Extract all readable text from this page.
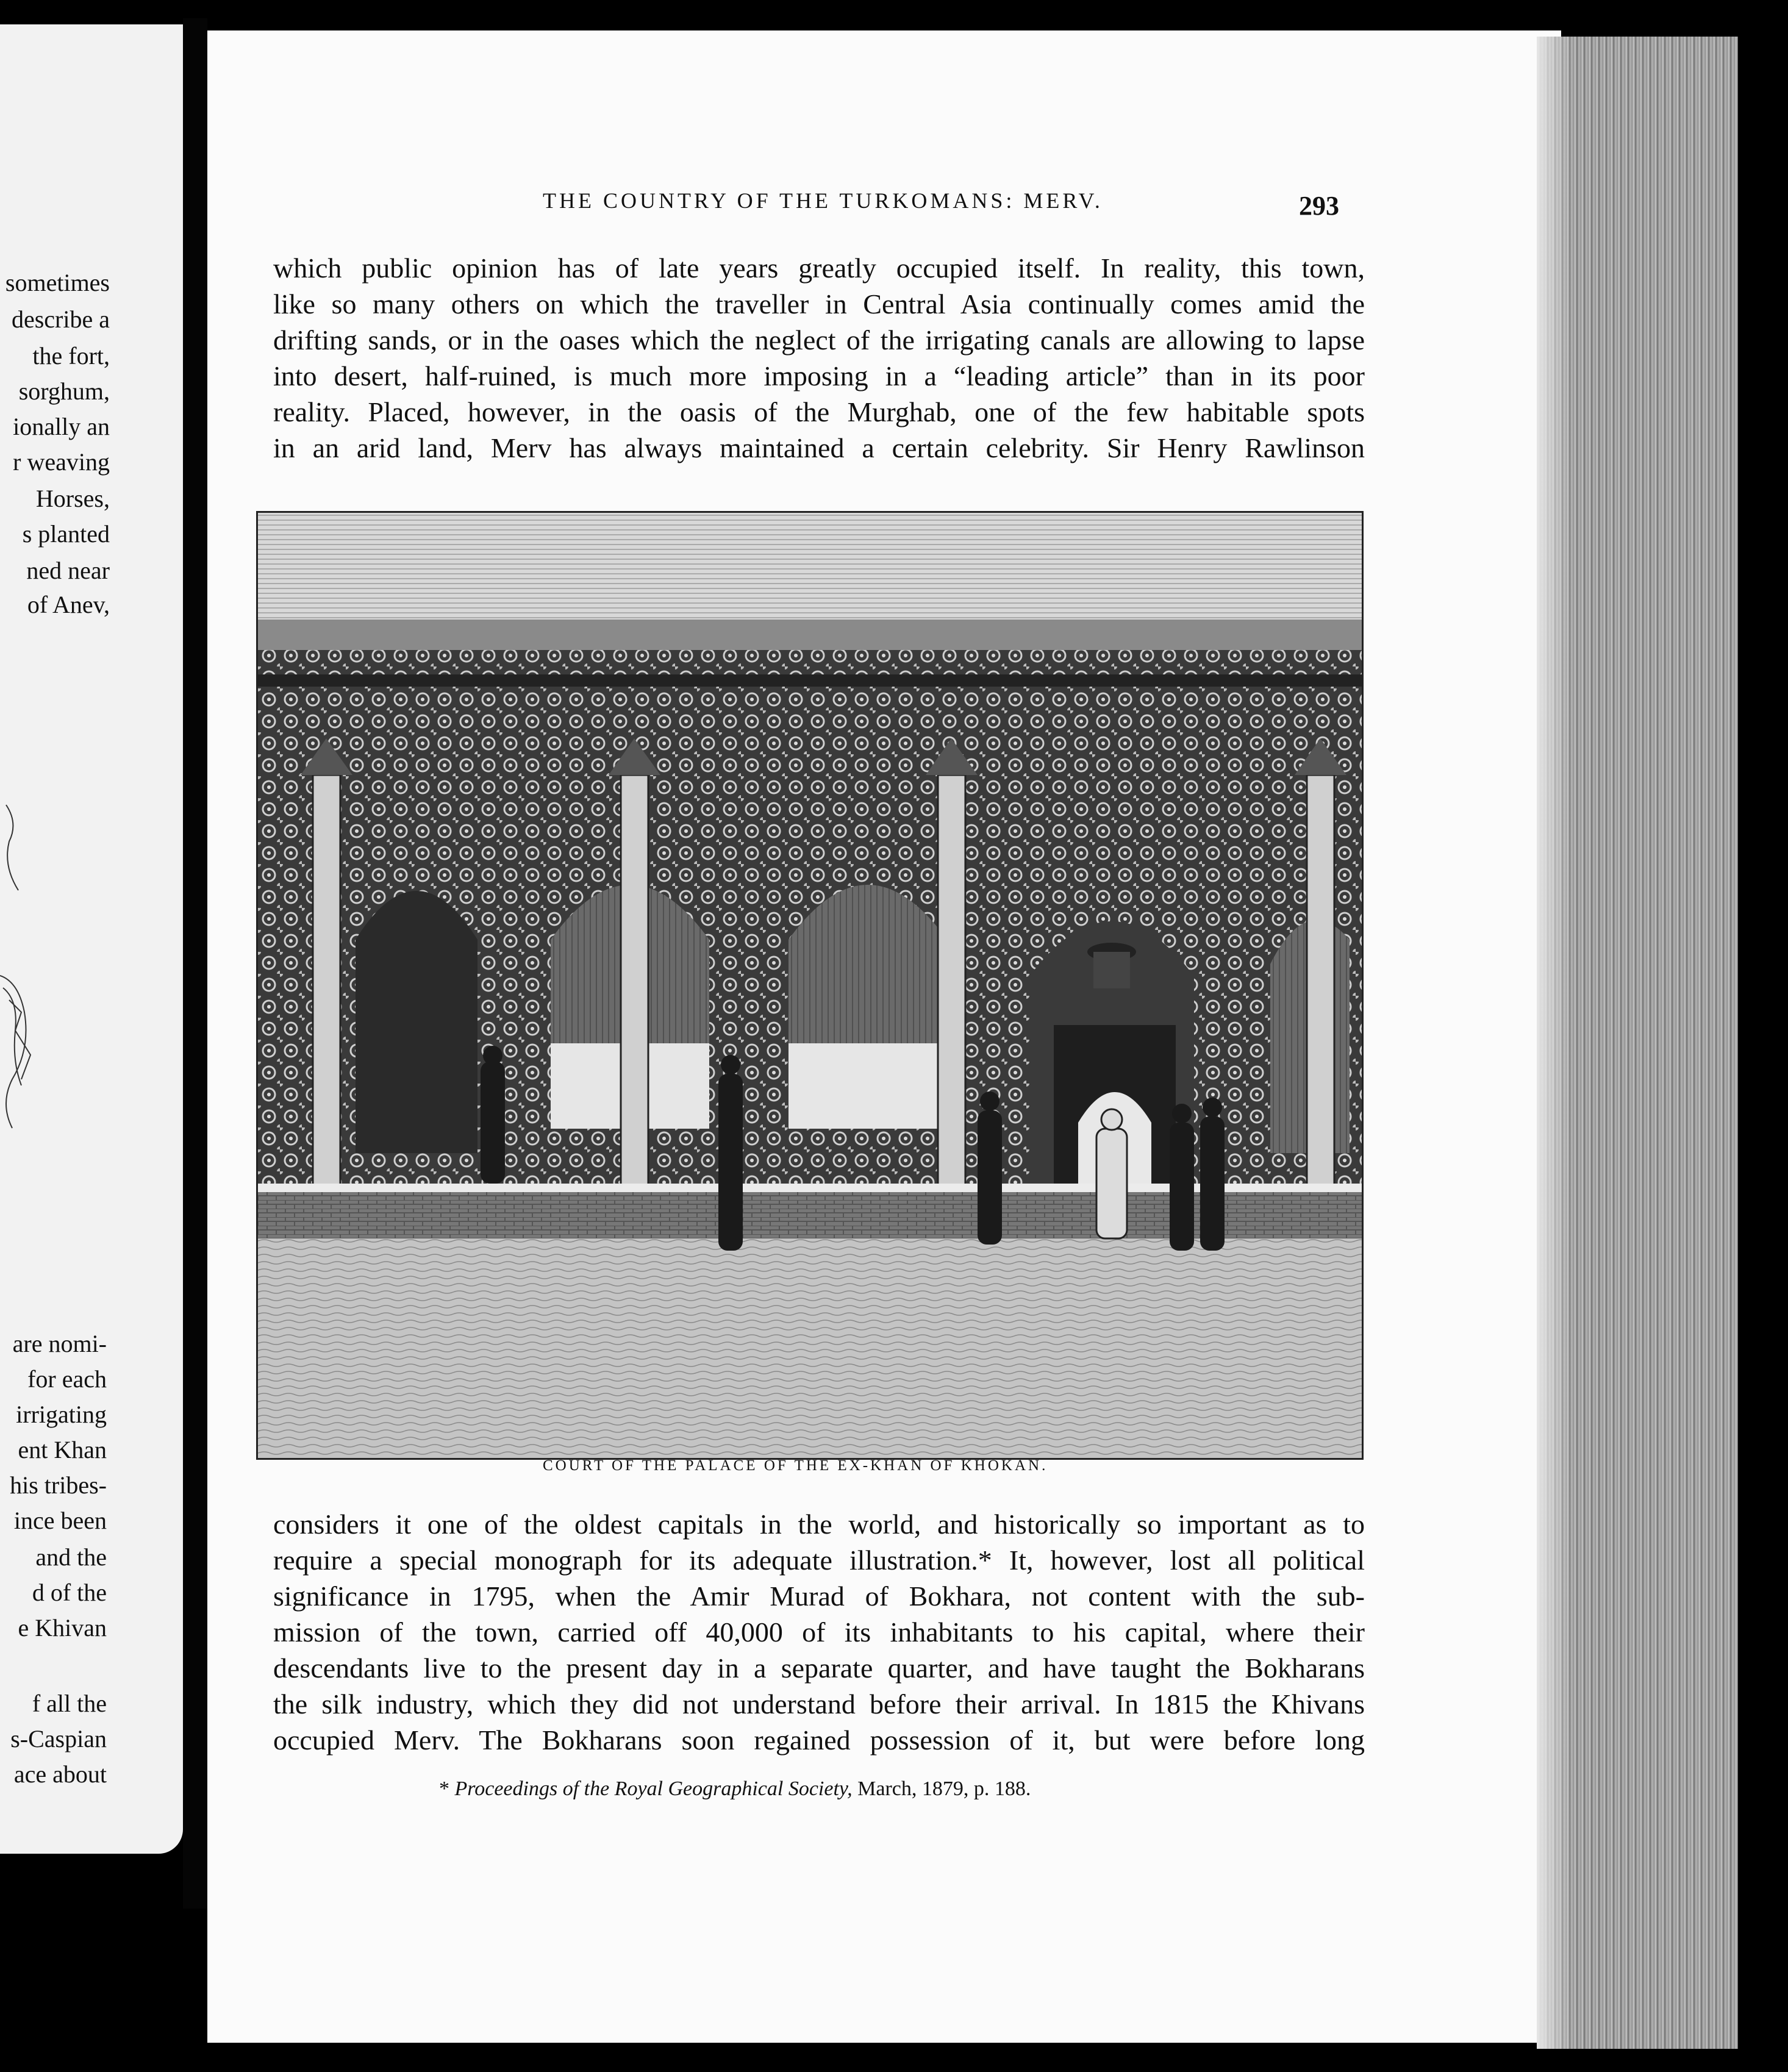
sometimes
describe a
the fort,
sorghum,
ionally an
r weaving
Horses,
s planted
ned near
of Anev,
are nomi-
for each
irrigating
ent Khan
his tribes-
ince been
and the
d of the
e Khivan
f all the
s-Caspian
ace about
THE COUNTRY OF THE TURKOMANS: MERV.	293
which public opinion has of late years greatly occupied itself. In reality, this town,
like so many others on which the traveller in Central Asia continually comes amid the
drifting sands, or in the oases which the neglect of the irrigating canals are allowing to lapse
into desert, half-ruined, is much more imposing in a “leading article” than in its poor
reality. Placed, however, in the oasis of the Murghab, one of the few habitable spots
in an arid land, Merv has always maintained a certain celebrity. Sir Henry Rawlinson
COURT OF THE PALACE OF THE EX-KHAN OF KHOKAN.
considers it one of the oldest capitals in the world, and historically so important as to
require a special monograph for its adequate illustration.* It, however, lost all political
significance in 1795, when the Amir Murad of Bokhara, not content with the sub-
mission of the town, carried off 40,000 of its inhabitants to his capital, where their
descendants live to the present day in a separate quarter, and have taught the Bokharans
the silk industry, which they did not understand before their arrival. In 1815 the Khivans
occupied Merv. The Bokharans soon regained possession of it, but were before long
* Proceedings of the Royal Geographical Society, March, 1879, p. 188.
